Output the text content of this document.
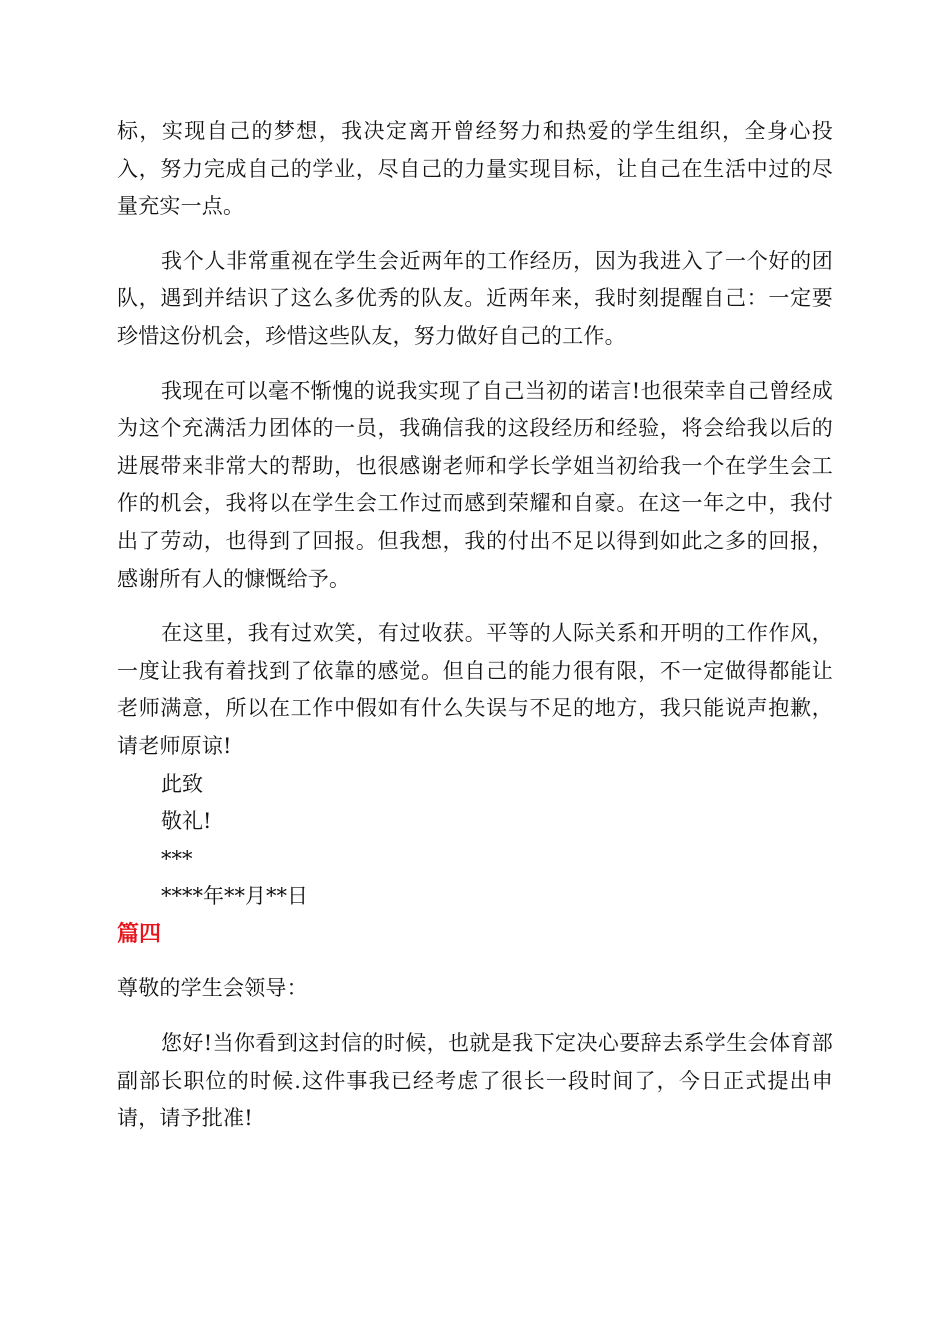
标，实现自己的梦想，我决定离开曾经努力和热爱的学生组织，全身心投入，努力完成自己的学业，尽自己的力量实现目标，让自己在生活中过的尽量充实一点。

我个人非常重视在学生会近两年的工作经历，因为我进入了一个好的团队，遇到并结识了这么多优秀的队友。近两年来，我时刻提醒自己：一定要珍惜这份机会，珍惜这些队友，努力做好自己的工作。

我现在可以毫不惭愧的说我实现了自己当初的诺言!也很荣幸自己曾经成为这个充满活力团体的一员，我确信我的这段经历和经验，将会给我以后的进展带来非常大的帮助，也很感谢老师和学长学姐当初给我一个在学生会工作的机会，我将以在学生会工作过而感到荣耀和自豪。在这一年之中，我付出了劳动，也得到了回报。但我想，我的付出不足以得到如此之多的回报，感谢所有人的慷慨给予。

在这里，我有过欢笑，有过收获。平等的人际关系和开明的工作作风，一度让我有着找到了依靠的感觉。但自己的能力很有限，不一定做得都能让老师满意，所以在工作中假如有什么失误与不足的地方，我只能说声抱歉，请老师原谅!

此致

敬礼!

***

****年**月**日

篇四

尊敬的学生会领导：

您好!当你看到这封信的时候，也就是我下定决心要辞去系学生会体育部副部长职位的时候.这件事我已经考虑了很长一段时间了，今日正式提出申请，请予批准!
